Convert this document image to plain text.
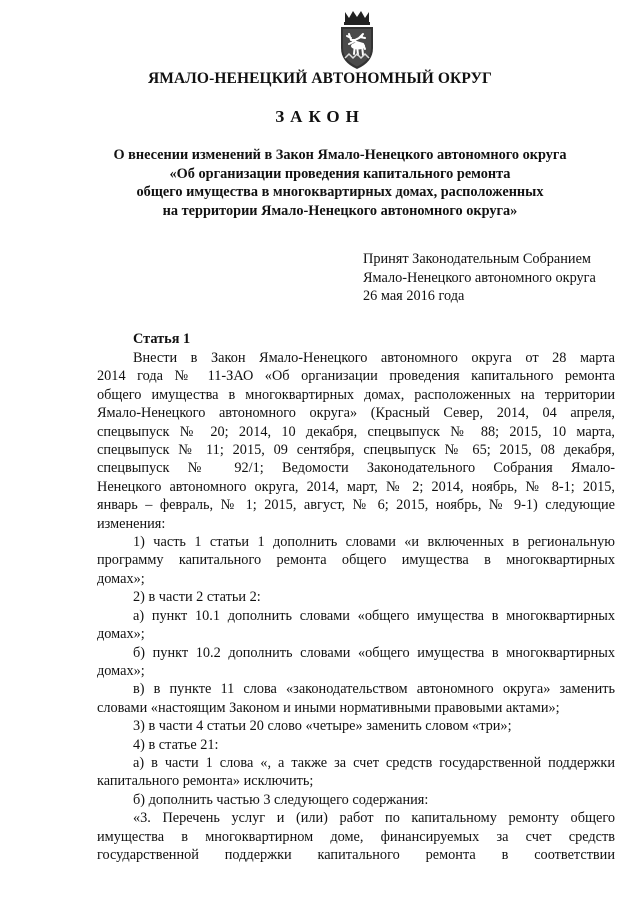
ЯМАЛО-НЕНЕЦКИЙ АВТОНОМНЫЙ ОКРУГ
ЗАКОН
О внесении изменений в Закон Ямало-Ненецкого автономного округа
«Об организации проведения капитального ремонта
общего имущества в многоквартирных домах, расположенных
на территории Ямало-Ненецкого автономного округа»
Принят Законодательным Собранием
Ямало-Ненецкого автономного округа
26 мая 2016 года
Статья 1
Внести в Закон Ямало-Ненецкого автономного округа от 28 марта
2014 года № 11-ЗАО «Об организации проведения капитального ремонта
общего имущества в многоквартирных домах, расположенных на территории
Ямало-Ненецкого автономного округа» (Красный Север, 2014, 04 апреля,
спецвыпуск № 20; 2014, 10 декабря, спецвыпуск № 88; 2015, 10 марта,
спецвыпуск № 11; 2015, 09 сентября, спецвыпуск № 65; 2015, 08 декабря,
спецвыпуск № 92/1; Ведомости Законодательного Собрания Ямало-
Ненецкого автономного округа, 2014, март, № 2; 2014, ноябрь, № 8-1; 2015,
январь – февраль, № 1; 2015, август, № 6; 2015, ноябрь, № 9-1) следующие
изменения:
1) часть 1 статьи 1 дополнить словами «и включенных в региональную
программу капитального ремонта общего имущества в многоквартирных
домах»;
2) в части 2 статьи 2:
а) пункт 10.1 дополнить словами «общего имущества в многоквартирных
домах»;
б) пункт 10.2 дополнить словами «общего имущества в многоквартирных
домах»;
в) в пункте 11 слова «законодательством автономного округа» заменить
словами «настоящим Законом и иными нормативными правовыми актами»;
3) в части 4 статьи 20 слово «четыре» заменить словом «три»;
4) в статье 21:
а) в части 1 слова «, а также за счет средств государственной поддержки
капитального ремонта» исключить;
б) дополнить частью 3 следующего содержания:
«3. Перечень услуг и (или) работ по капитальному ремонту общего
имущества в многоквартирном доме, финансируемых за счет средств
государственной поддержки капитального ремонта в соответствии
